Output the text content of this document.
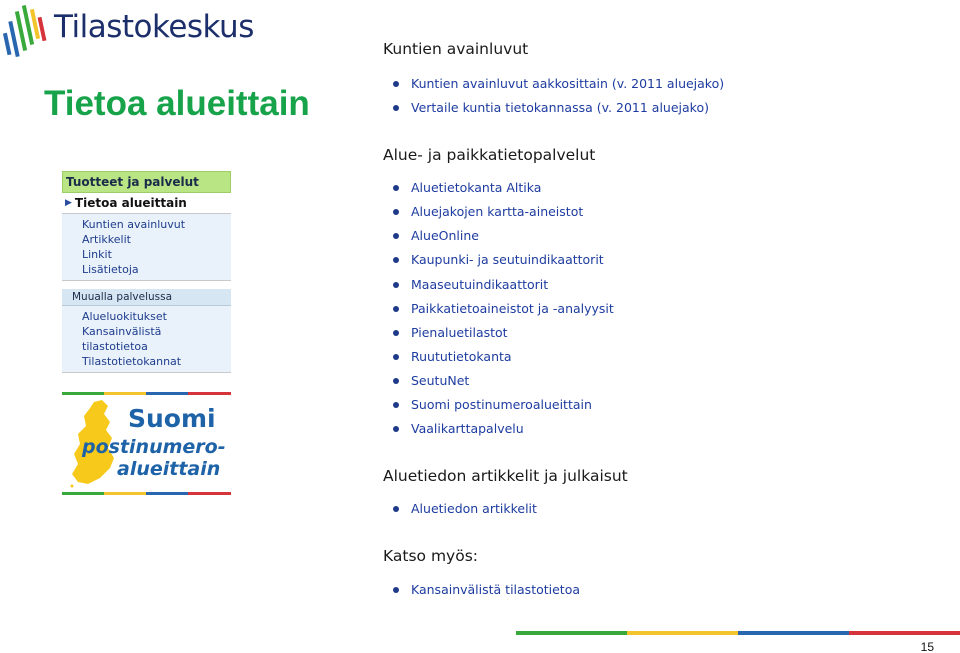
Tilastokeskus
Tietoa alueittain
Tuotteet ja palvelut
▶ Tietoa alueittain
Kuntien avainluvut
Artikkelit
Linkit
Lisätietoja
Muualla palvelussa
Alueluokitukset
Kansainvälistä
tilastotietoa
Tilastotietokannat
Suomi
postinumero-
alueittain
Kuntien avainluvut
Kuntien avainluvut aakkosittain (v. 2011 aluejako)
Vertaile kuntia tietokannassa (v. 2011 aluejako)
Alue- ja paikkatietopalvelut
Aluetietokanta Altika
Aluejakojen kartta-aineistot
AlueOnline
Kaupunki- ja seutuindikaattorit
Maaseutuindikaattorit
Paikkatietoaineistot ja -analyysit
Pienaluetilastot
Ruututietokanta
SeutuNet
Suomi postinumeroalueittain
Vaalikarttapalvelu
Aluetiedon artikkelit ja julkaisut
Aluetiedon artikkelit
Katso myös:
Kansainvälistä tilastotietoa
15
